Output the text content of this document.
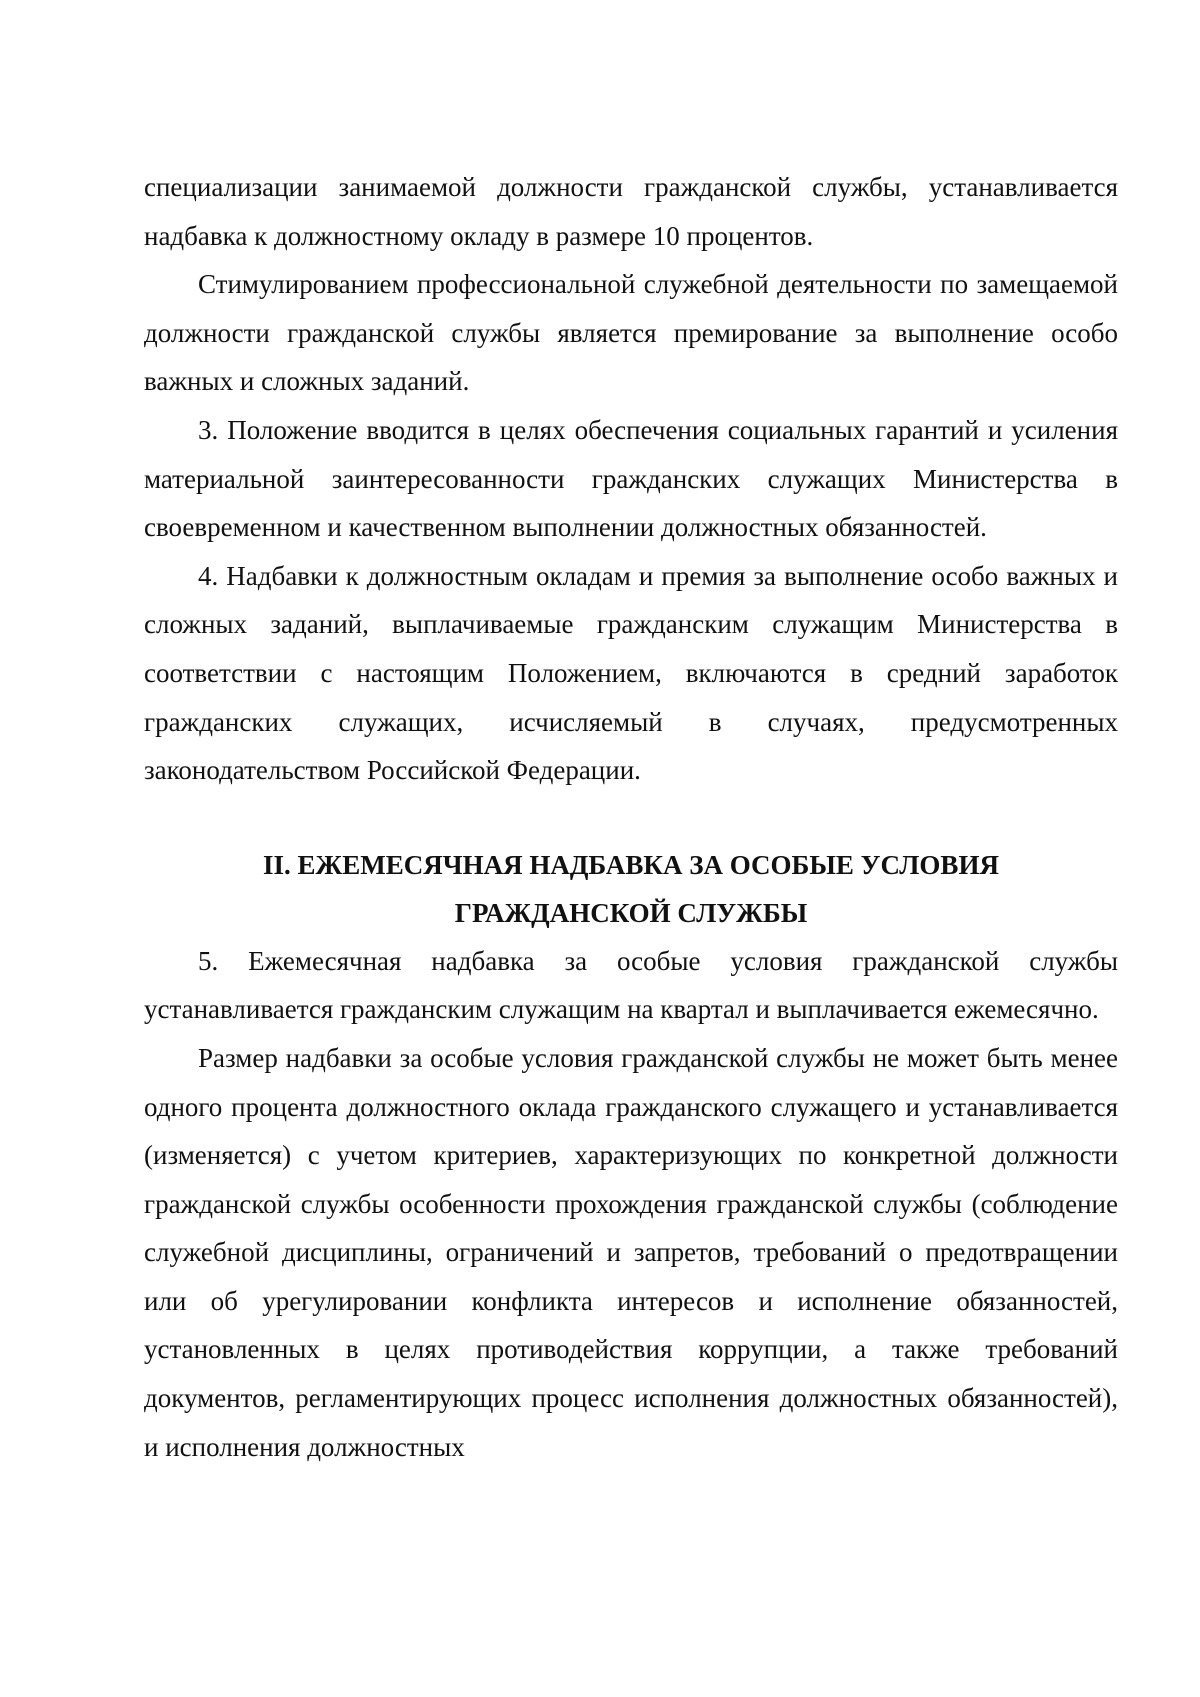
специализации занимаемой должности гражданской службы, устанавливается надбавка к должностному окладу в размере 10 процентов.

Стимулированием профессиональной служебной деятельности по замещаемой должности гражданской службы является премирование за выполнение особо важных и сложных заданий.

3. Положение вводится в целях обеспечения социальных гарантий и усиления материальной заинтересованности гражданских служащих Министерства в своевременном и качественном выполнении должностных обязанностей.

4. Надбавки к должностным окладам и премия за выполнение особо важных и сложных заданий, выплачиваемые гражданским служащим Министерства в соответствии с настоящим Положением, включаются в средний заработок гражданских служащих, исчисляемый в случаях, предусмотренных законодательством Российской Федерации.

II. ЕЖЕМЕСЯЧНАЯ НАДБАВКА ЗА ОСОБЫЕ УСЛОВИЯ

ГРАЖДАНСКОЙ СЛУЖБЫ

5. Ежемесячная надбавка за особые условия гражданской службы устанавливается гражданским служащим на квартал и выплачивается ежемесячно.

Размер надбавки за особые условия гражданской службы не может быть менее одного процента должностного оклада гражданского служащего и устанавливается (изменяется) с учетом критериев, характеризующих по конкретной должности гражданской службы особенности прохождения гражданской службы (соблюдение служебной дисциплины, ограничений и запретов, требований о предотвращении или об урегулировании конфликта интересов и исполнение обязанностей, установленных в целях противодействия коррупции, а также требований документов, регламентирующих процесс исполнения должностных обязанностей), и исполнения должностных
